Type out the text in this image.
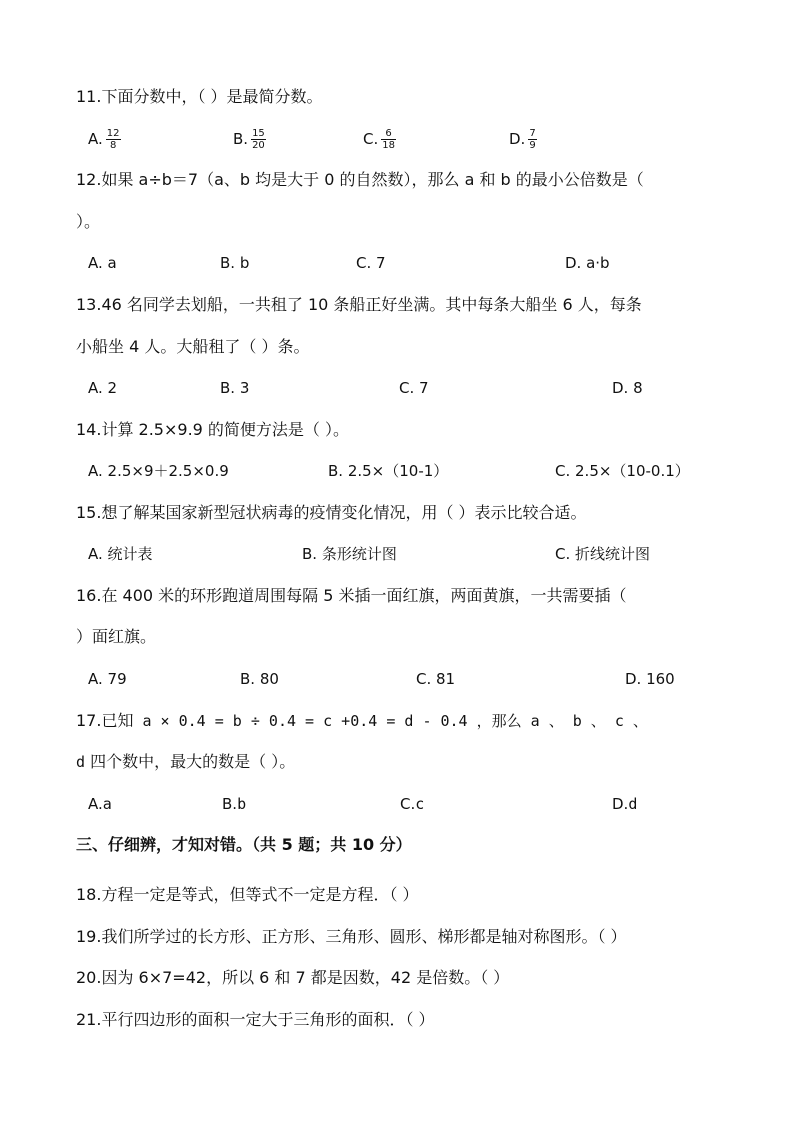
11.下面分数中，（ ）是最简分数。
A. $\frac{12}{8}$	B. $\frac{15}{20}$	C. $\frac{6}{18}$	D. $\frac{7}{9}$
12.如果 a÷b＝7（a、b 均是大于 0 的自然数），那么 a 和 b 的最小公倍数是（
）。
A. a	B. b	C. 7	D. a·b
13.46 名同学去划船，一共租了 10 条船正好坐满。其中每条大船坐 6 人，每条
小船坐 4 人。大船租了（ ）条。
A. 2	B. 3	C. 7	D. 8
14.计算 2.5×9.9 的简便方法是（ ）。
A. 2.5×9＋2.5×0.9	B. 2.5×（10-1）	C. 2.5×（10-0.1）
15.想了解某国家新型冠状病毒的疫情变化情况，用（ ）表示比较合适。
A. 统计表	B. 条形统计图	C. 折线统计图
16.在 400 米的环形跑道周围每隔 5 米插一面红旗，两面黄旗，一共需要插（
）面红旗。
A. 79	B. 80	C. 81	D. 160
17.已知 a × 0.4 = b ÷ 0.4 = c +0.4 = d - 0.4 ，那么 a 、 b 、 c 、
d 四个数中，最大的数是（ ）。
A.a	B.b	C.c	D.d
三、仔细辨，才知对错。（共 5 题；共 10 分）
18.方程一定是等式，但等式不一定是方程．（ ）
19.我们所学过的长方形、正方形、三角形、圆形、梯形都是轴对称图形。（ ）
20.因为 6×7=42，所以 6 和 7 都是因数，42 是倍数。（ ）
21.平行四边形的面积一定大于三角形的面积．（ ）
